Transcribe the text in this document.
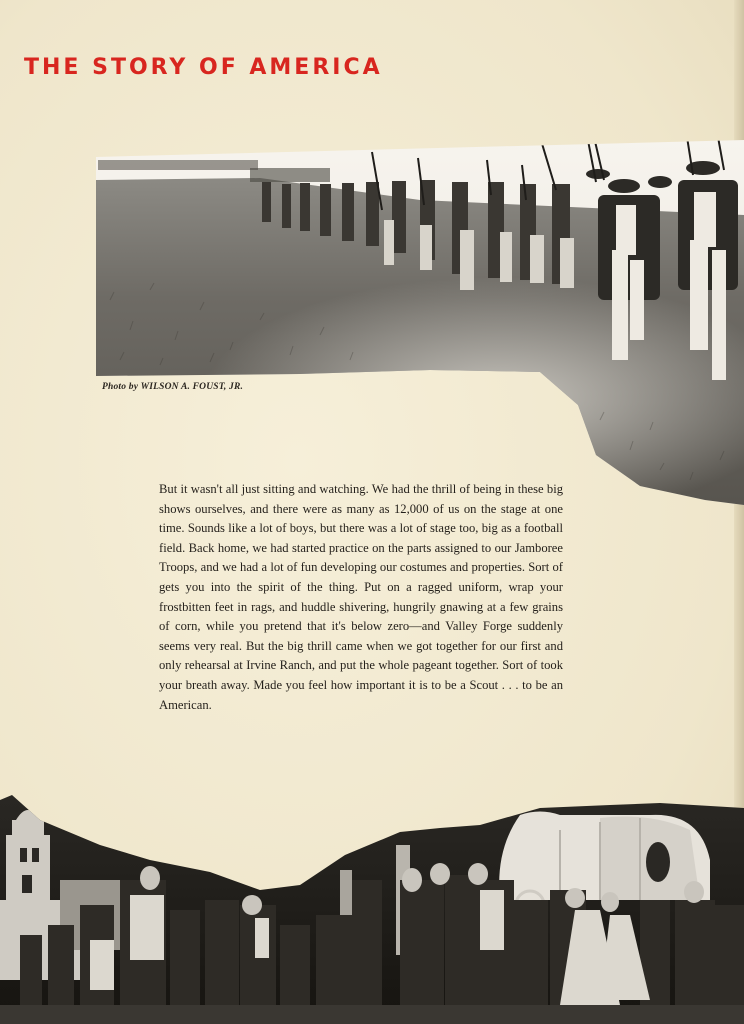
THE STORY OF AMERICA

Photo by WILSON A. FOUST, JR.

But it wasn't all just sitting and watching. We had the thrill of being in these big shows ourselves, and there were as many as 12,000 of us on the stage at one time. Sounds like a lot of boys, but there was a lot of stage too, big as a football field. Back home, we had started practice on the parts assigned to our Jamboree Troops, and we had a lot of fun developing our costumes and properties. Sort of gets you into the spirit of the thing. Put on a ragged uniform, wrap your frostbitten feet in rags, and huddle shivering, hungrily gnawing at a few grains of corn, while you pretend that it's below zero—and Valley Forge suddenly seems very real. But the big thrill came when we got together for our first and only rehearsal at Irvine Ranch, and put the whole pageant together. Sort of took your breath away. Made you feel how important it is to be a Scout . . . to be an American.
